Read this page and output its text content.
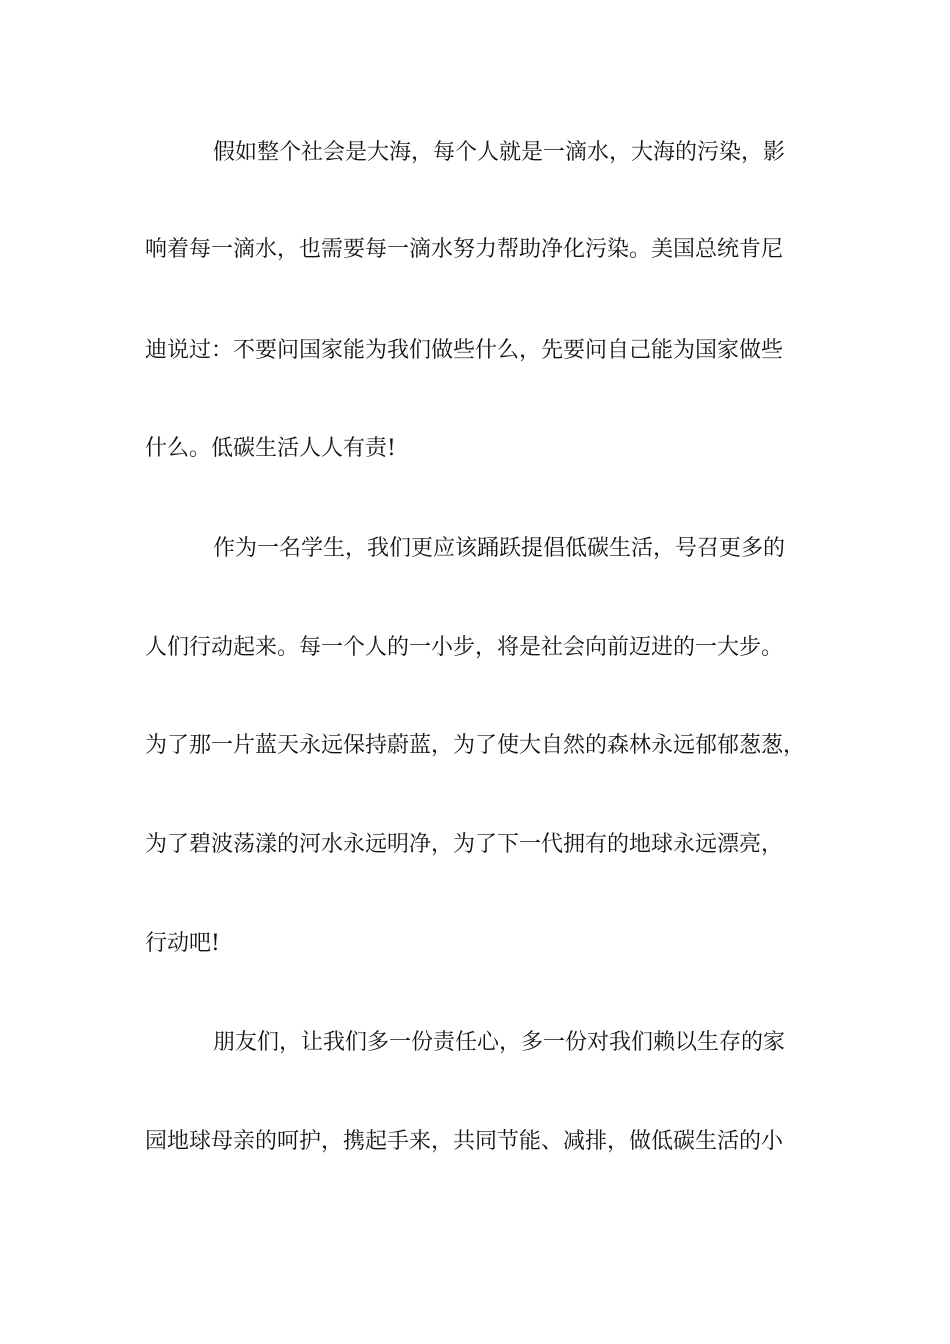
假如整个社会是大海，每个人就是一滴水，大海的污染，影
响着每一滴水，也需要每一滴水努力帮助净化污染。美国总统肯尼
迪说过：不要问国家能为我们做些什么，先要问自己能为国家做些
什么。低碳生活人人有责!
作为一名学生，我们更应该踊跃提倡低碳生活，号召更多的
人们行动起来。每一个人的一小步，将是社会向前迈进的一大步。
为了那一片蓝天永远保持蔚蓝，为了使大自然的森林永远郁郁葱葱，
为了碧波荡漾的河水永远明净，为了下一代拥有的地球永远漂亮，
行动吧!
朋友们，让我们多一份责任心，多一份对我们赖以生存的家
园地球母亲的呵护，携起手来，共同节能、减排，做低碳生活的小
